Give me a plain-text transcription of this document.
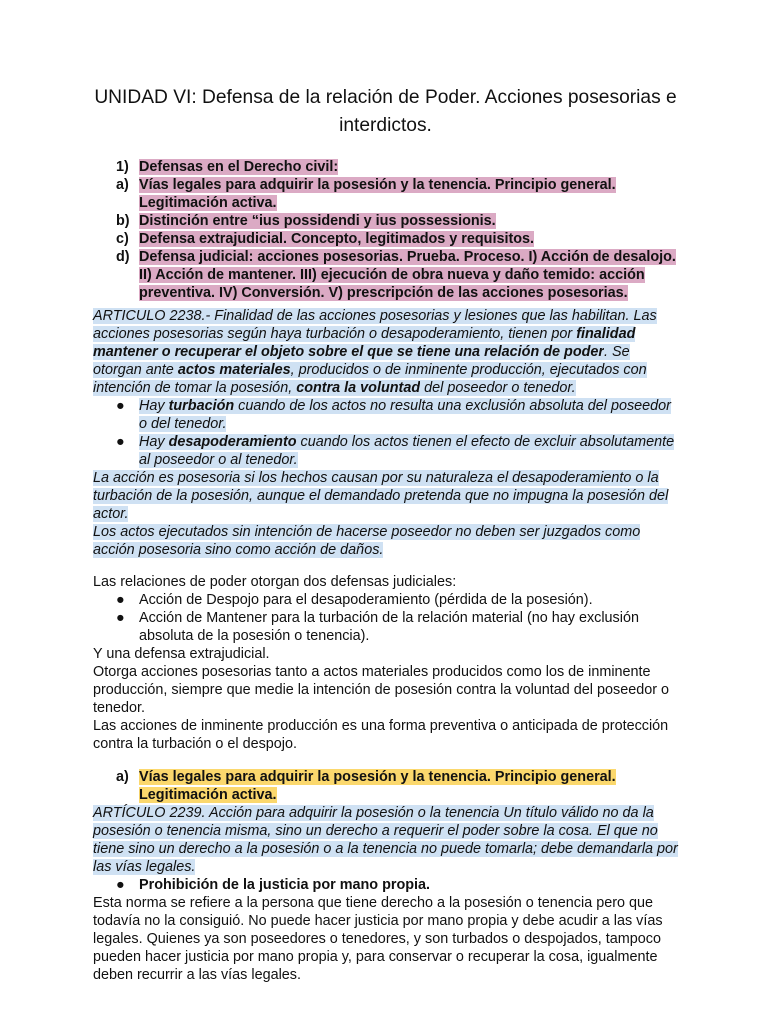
UNIDAD VI: Defensa de la relación de Poder. Acciones posesorias e interdictos.
1) Defensas en el Derecho civil:
a) Vías legales para adquirir la posesión y la tenencia. Principio general. Legitimación activa.
b) Distinción entre “ius possidendi y ius possessionis.
c) Defensa extrajudicial. Concepto, legitimados y requisitos.
d) Defensa judicial: acciones posesorias. Prueba. Proceso. I) Acción de desalojo. II) Acción de mantener. III) ejecución de obra nueva y daño temido: acción preventiva. IV) Conversión. V) prescripción de las acciones posesorias.

ARTICULO 2238.- Finalidad de las acciones posesorias y lesiones que las habilitan. Las acciones posesorias según haya turbación o desapoderamiento, tienen por finalidad mantener o recuperar el objeto sobre el que se tiene una relación de poder. Se otorgan ante actos materiales, producidos o de inminente producción, ejecutados con intención de tomar la posesión, contra la voluntad del poseedor o tenedor.

● Hay turbación cuando de los actos no resulta una exclusión absoluta del poseedor o del tenedor.
● Hay desapoderamiento cuando los actos tienen el efecto de excluir absolutamente al poseedor o al tenedor.

La acción es posesoria si los hechos causan por su naturaleza el desapoderamiento o la turbación de la posesión, aunque el demandado pretenda que no impugna la posesión del actor.

Los actos ejecutados sin intención de hacerse poseedor no deben ser juzgados como acción posesoria sino como acción de daños.

Las relaciones de poder otorgan dos defensas judiciales:

● Acción de Despojo para el desapoderamiento (pérdida de la posesión).
● Acción de Mantener para la turbación de la relación material (no hay exclusión absoluta de la posesión o tenencia).

Y una defensa extrajudicial.

Otorga acciones posesorias tanto a actos materiales producidos como los de inminente producción, siempre que medie la intención de posesión contra la voluntad del poseedor o tenedor.

Las acciones de inminente producción es una forma preventiva o anticipada de protección contra la turbación o el despojo.

a) Vías legales para adquirir la posesión y la tenencia. Principio general. Legitimación activa.

ARTÍCULO 2239. Acción para adquirir la posesión o la tenencia Un título válido no da la posesión o tenencia misma, sino un derecho a requerir el poder sobre la cosa. El que no tiene sino un derecho a la posesión o a la tenencia no puede tomarla; debe demandarla por las vías legales.

● Prohibición de la justicia por mano propia.

Esta norma se refiere a la persona que tiene derecho a la posesión o tenencia pero que todavía no la consiguió. No puede hacer justicia por mano propia y debe acudir a las vías legales. Quienes ya son poseedores o tenedores, y son turbados o despojados, tampoco pueden hacer justicia por mano propia y, para conservar o recuperar la cosa, igualmente deben recurrir a las vías legales.
